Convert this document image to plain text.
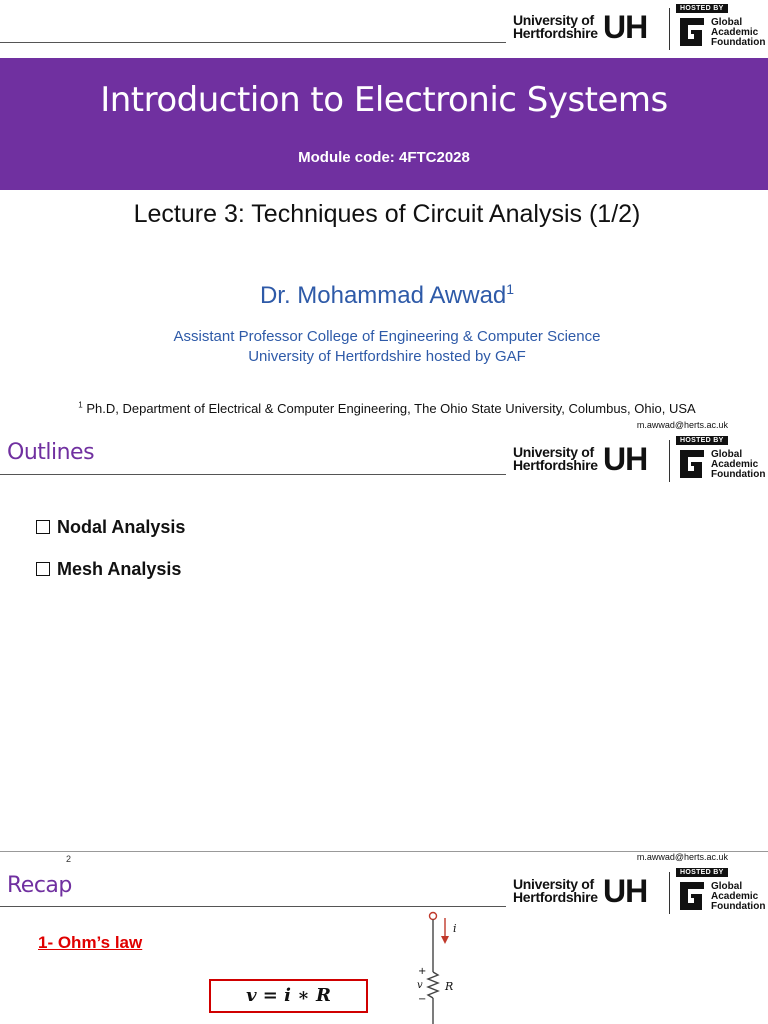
University of
Hertfordshire UH
HOSTED BY
Global
Academic
Foundation
Introduction to Electronic Systems
Module code: 4FTC2028
Lecture 3: Techniques of Circuit Analysis (1/2)
Dr. Mohammad Awwad$^1$
Assistant Professor College of Engineering & Computer Science
University of Hertfordshire hosted by GAF
$^1$ Ph.D, Department of Electrical & Computer Engineering, The Ohio State University, Columbus, Ohio, USA
m.awwad@herts.ac.uk
Outlines	University of
Hertfordshire UH
HOSTED BY
Global
Academic
Foundation
Nodal Analysis
Mesh Analysis
2	m.awwad@herts.ac.uk
Recap	University of
Hertfordshire UH
HOSTED BY
Global
Academic
Foundation
1- Ohm’s law
v = i ∗ R
i
+
v
−
R
